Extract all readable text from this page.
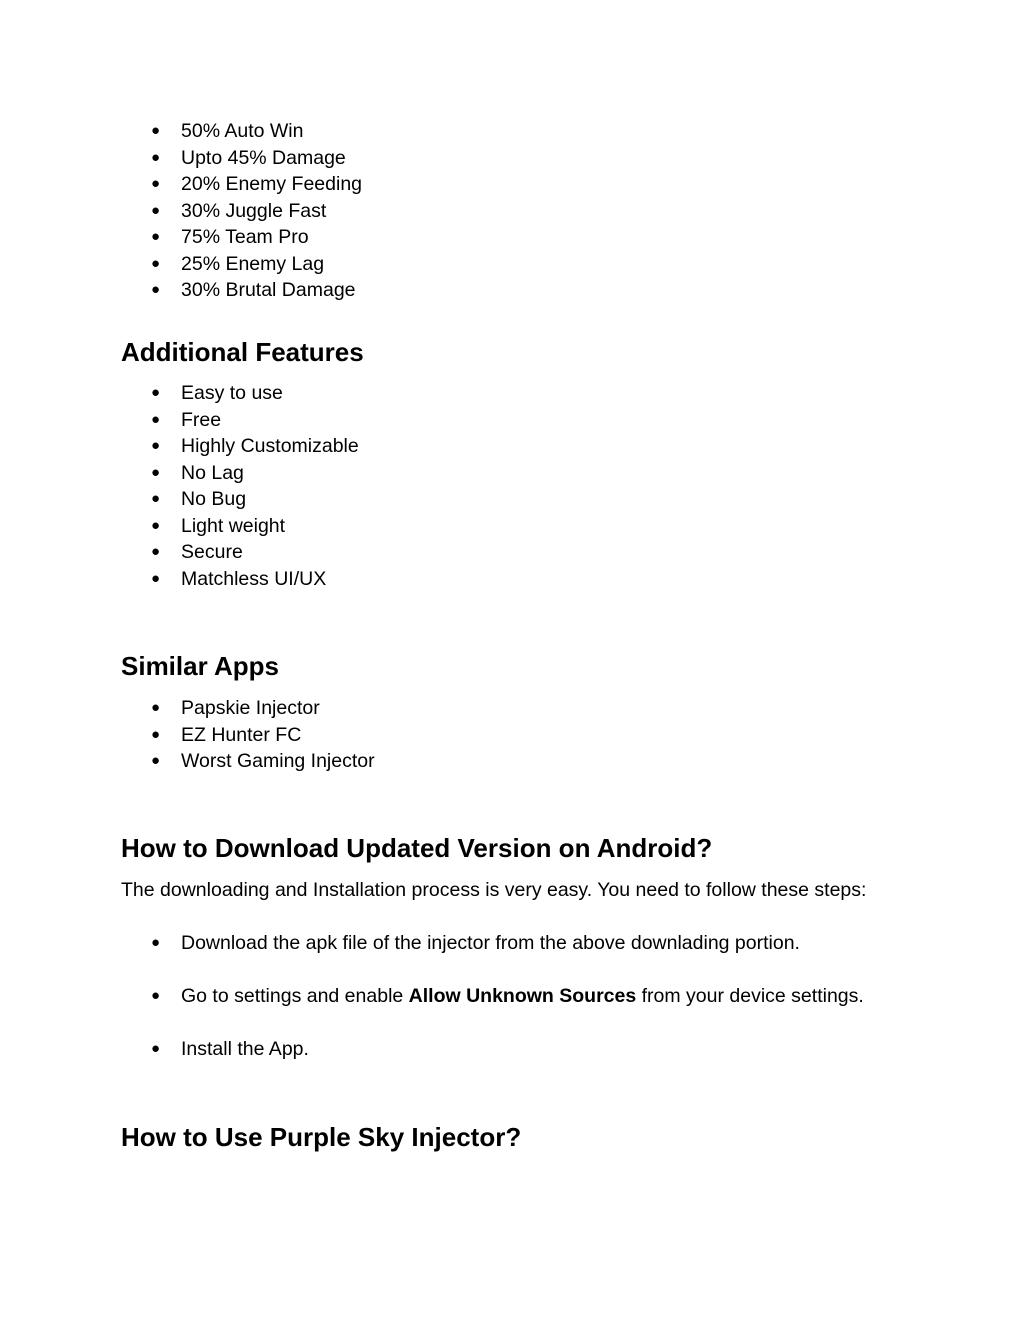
● 50% Auto Win
● Upto 45% Damage
● 20% Enemy Feeding
● 30% Juggle Fast
● 75% Team Pro
● 25% Enemy Lag
● 30% Brutal Damage
Additional Features
● Easy to use
● Free
● Highly Customizable
● No Lag
● No Bug
● Light weight
● Secure
● Matchless UI/UX
Similar Apps
● Papskie Injector
● EZ Hunter FC
● Worst Gaming Injector
How to Download Updated Version on Android?

The downloading and Installation process is very easy. You need to follow these steps:

● Download the apk file of the injector from the above downlading portion.
● Go to settings and enable Allow Unknown Sources from your device settings.
● Install the App.
How to Use Purple Sky Injector?
